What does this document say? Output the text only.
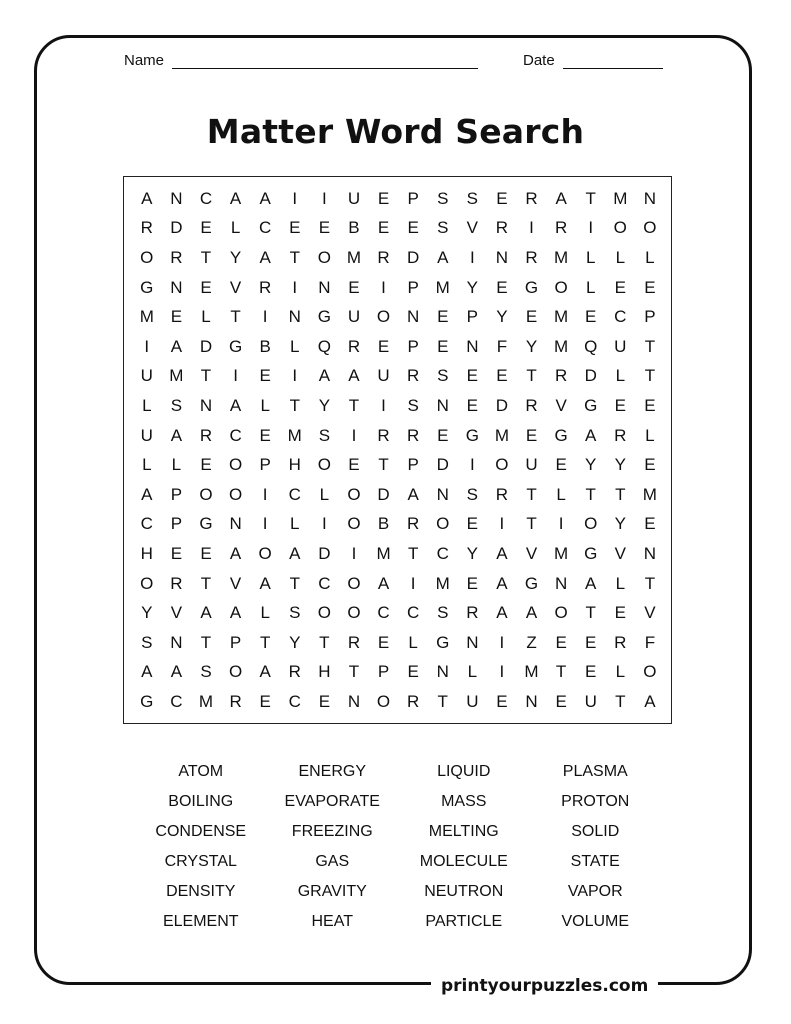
Name	Date
Matter Word Search
A	N	C	A	A	I	I	U	E	P	S	S	E	R	A	T	M N
R	D	E	L	C	E	E	B	E	E	S	V	R	I	R	I	O O
O R	T	Y	A	T	O M R	D	A	I	N	R M	L	L	L
G N	E	V	R	I	N	E	I	P M Y	E	G O	L	E	E
M E	L	T	I	N G U O N	E	P	Y	E M E	C	P
I	A	D G	B	L	Q R	E	P	E	N	F	Y M Q U	T
U M	T	I	E	I	A	A	U	R	S	E	E	T	R	D	L	T
L	S	N	A	L	T	Y	T	I	S	N	E	D	R	V	G	E	E
U	A	R	C	E M S	I	R	R	E	G M E	G	A	R	L
L	L	E	O	P	H O	E	T	P	D	I	O U	E	Y	Y	E
A	P	O O	I	C	L	O D	A	N	S	R	T	L	T	T	M
C	P	G N	I	L	I	O	B	R O	E	I	T	I	O	Y	E
H	E	E	A	O	A	D	I	M	T	C	Y	A	V M G	V	N
O R	T	V	A	T	C O	A	I	M E	A	G N	A	L	T
Y	V	A	A	L	S	O O C	C	S	R	A	A	O	T	E	V
S	N	T	P	T	Y	T	R	E	L	G N	I	Z	E	E	R	F
A	A	S	O	A	R	H	T	P	E	N	L	I	M	T	E	L	O
G C M R	E	C	E	N O R	T	U	E	N	E	U	T	A
ATOM	ENERGY	LIQUID	PLASMA
BOILING	EVAPORATE	MASS	PROTON
CONDENSE	FREEZING	MELTING	SOLID
CRYSTAL	GAS	MOLECULE	STATE
DENSITY	GRAVITY	NEUTRON	VAPOR
ELEMENT	HEAT	PARTICLE	VOLUME
printyourpuzzles.com
